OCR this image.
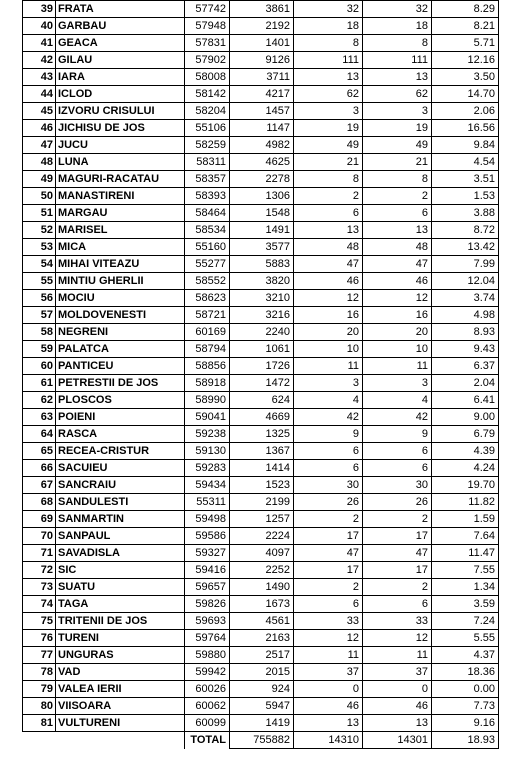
39	FRATA	57742	3861	32	32	8.29
40	GARBAU	57948	2192	18	18	8.21
41	GEACA	57831	1401	8	8	5.71
42	GILAU	57902	9126	111	111	12.16
43	IARA	58008	3711	13	13	3.50
44	ICLOD	58142	4217	62	62	14.70
45	IZVORU CRISULUI	58204	1457	3	3	2.06
46	JICHISU DE JOS	55106	1147	19	19	16.56
47	JUCU	58259	4982	49	49	9.84
48	LUNA	58311	4625	21	21	4.54
49	MAGURI-RACATAU	58357	2278	8	8	3.51
50	MANASTIRENI	58393	1306	2	2	1.53
51	MARGAU	58464	1548	6	6	3.88
52	MARISEL	58534	1491	13	13	8.72
53	MICA	55160	3577	48	48	13.42
54	MIHAI VITEAZU	55277	5883	47	47	7.99
55	MINTIU GHERLII	58552	3820	46	46	12.04
56	MOCIU	58623	3210	12	12	3.74
57	MOLDOVENESTI	58721	3216	16	16	4.98
58	NEGRENI	60169	2240	20	20	8.93
59	PALATCA	58794	1061	10	10	9.43
60	PANTICEU	58856	1726	11	11	6.37
61	PETRESTII DE JOS	58918	1472	3	3	2.04
62	PLOSCOS	58990	624	4	4	6.41
63	POIENI	59041	4669	42	42	9.00
64	RASCA	59238	1325	9	9	6.79
65	RECEA-CRISTUR	59130	1367	6	6	4.39
66	SACUIEU	59283	1414	6	6	4.24
67	SANCRAIU	59434	1523	30	30	19.70
68	SANDULESTI	55311	2199	26	26	11.82
69	SANMARTIN	59498	1257	2	2	1.59
70	SANPAUL	59586	2224	17	17	7.64
71	SAVADISLA	59327	4097	47	47	11.47
72	SIC	59416	2252	17	17	7.55
73	SUATU	59657	1490	2	2	1.34
74	TAGA	59826	1673	6	6	3.59
75	TRITENII DE JOS	59693	4561	33	33	7.24
76	TURENI	59764	2163	12	12	5.55
77	UNGURAS	59880	2517	11	11	4.37
78	VAD	59942	2015	37	37	18.36
79	VALEA IERII	60026	924	0	0	0.00
80	VIISOARA	60062	5947	46	46	7.73
81	VULTURENI	60099	1419	13	13	9.16
		TOTAL	755882	14310	14301	18.93
